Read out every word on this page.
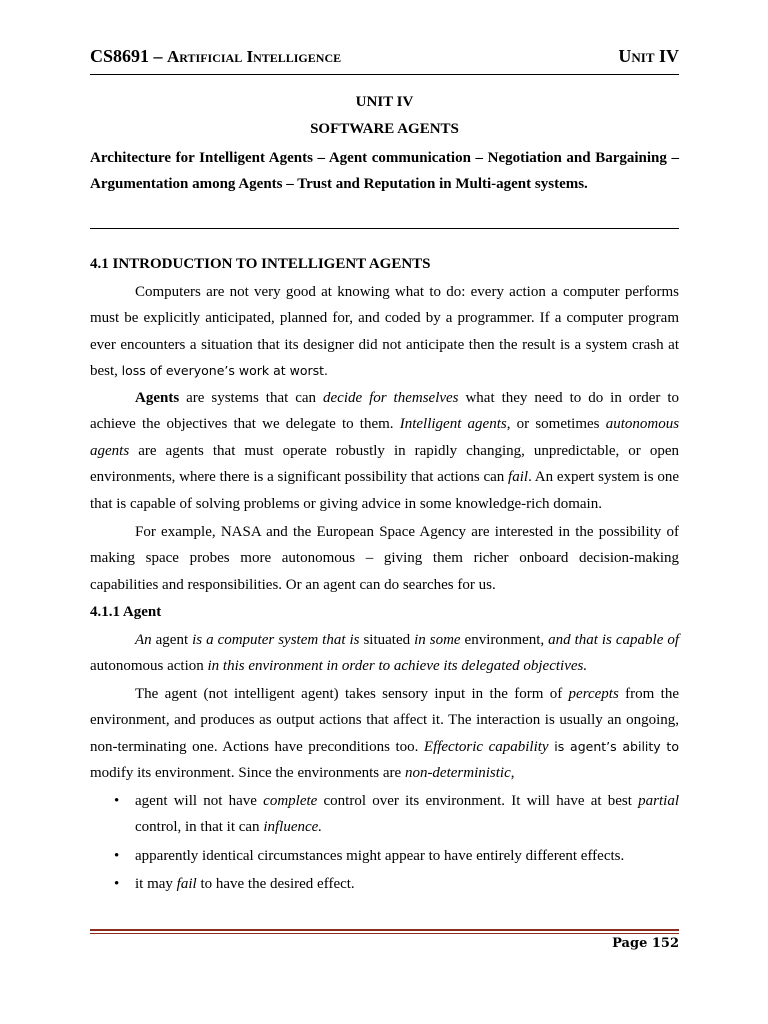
CS8691 – Artificial Intelligence	Unit IV
UNIT IV
SOFTWARE AGENTS
Architecture for Intelligent Agents – Agent communication – Negotiation and Bargaining – Argumentation among Agents – Trust and Reputation in Multi-agent systems.
4.1 INTRODUCTION TO INTELLIGENT AGENTS

Computers are not very good at knowing what to do: every action a computer performs must be explicitly anticipated, planned for, and coded by a programmer. If a computer program ever encounters a situation that its designer did not anticipate then the result is a system crash at best, loss of everyone’s work at worst.

Agents are systems that can decide for themselves what they need to do in order to achieve the objectives that we delegate to them. Intelligent agents, or sometimes autonomous agents are agents that must operate robustly in rapidly changing, unpredictable, or open environments, where there is a significant possibility that actions can fail. An expert system is one that is capable of solving problems or giving advice in some knowledge-rich domain.

For example, NASA and the European Space Agency are interested in the possibility of making space probes more autonomous – giving them richer onboard decision-making capabilities and responsibilities. Or an agent can do searches for us.

4.1.1 Agent

An agent is a computer system that is situated in some environment, and that is capable of autonomous action in this environment in order to achieve its delegated objectives.

The agent (not intelligent agent) takes sensory input in the form of percepts from the environment, and produces as output actions that affect it. The interaction is usually an ongoing, non-terminating one. Actions have preconditions too. Effectoric capability is agent’s ability to modify its environment. Since the environments are non-deterministic,

• agent will not have complete control over its environment. It will have at best partial control, in that it can influence.
• apparently identical circumstances might appear to have entirely different effects.
• it may fail to have the desired effect.
Page 152
